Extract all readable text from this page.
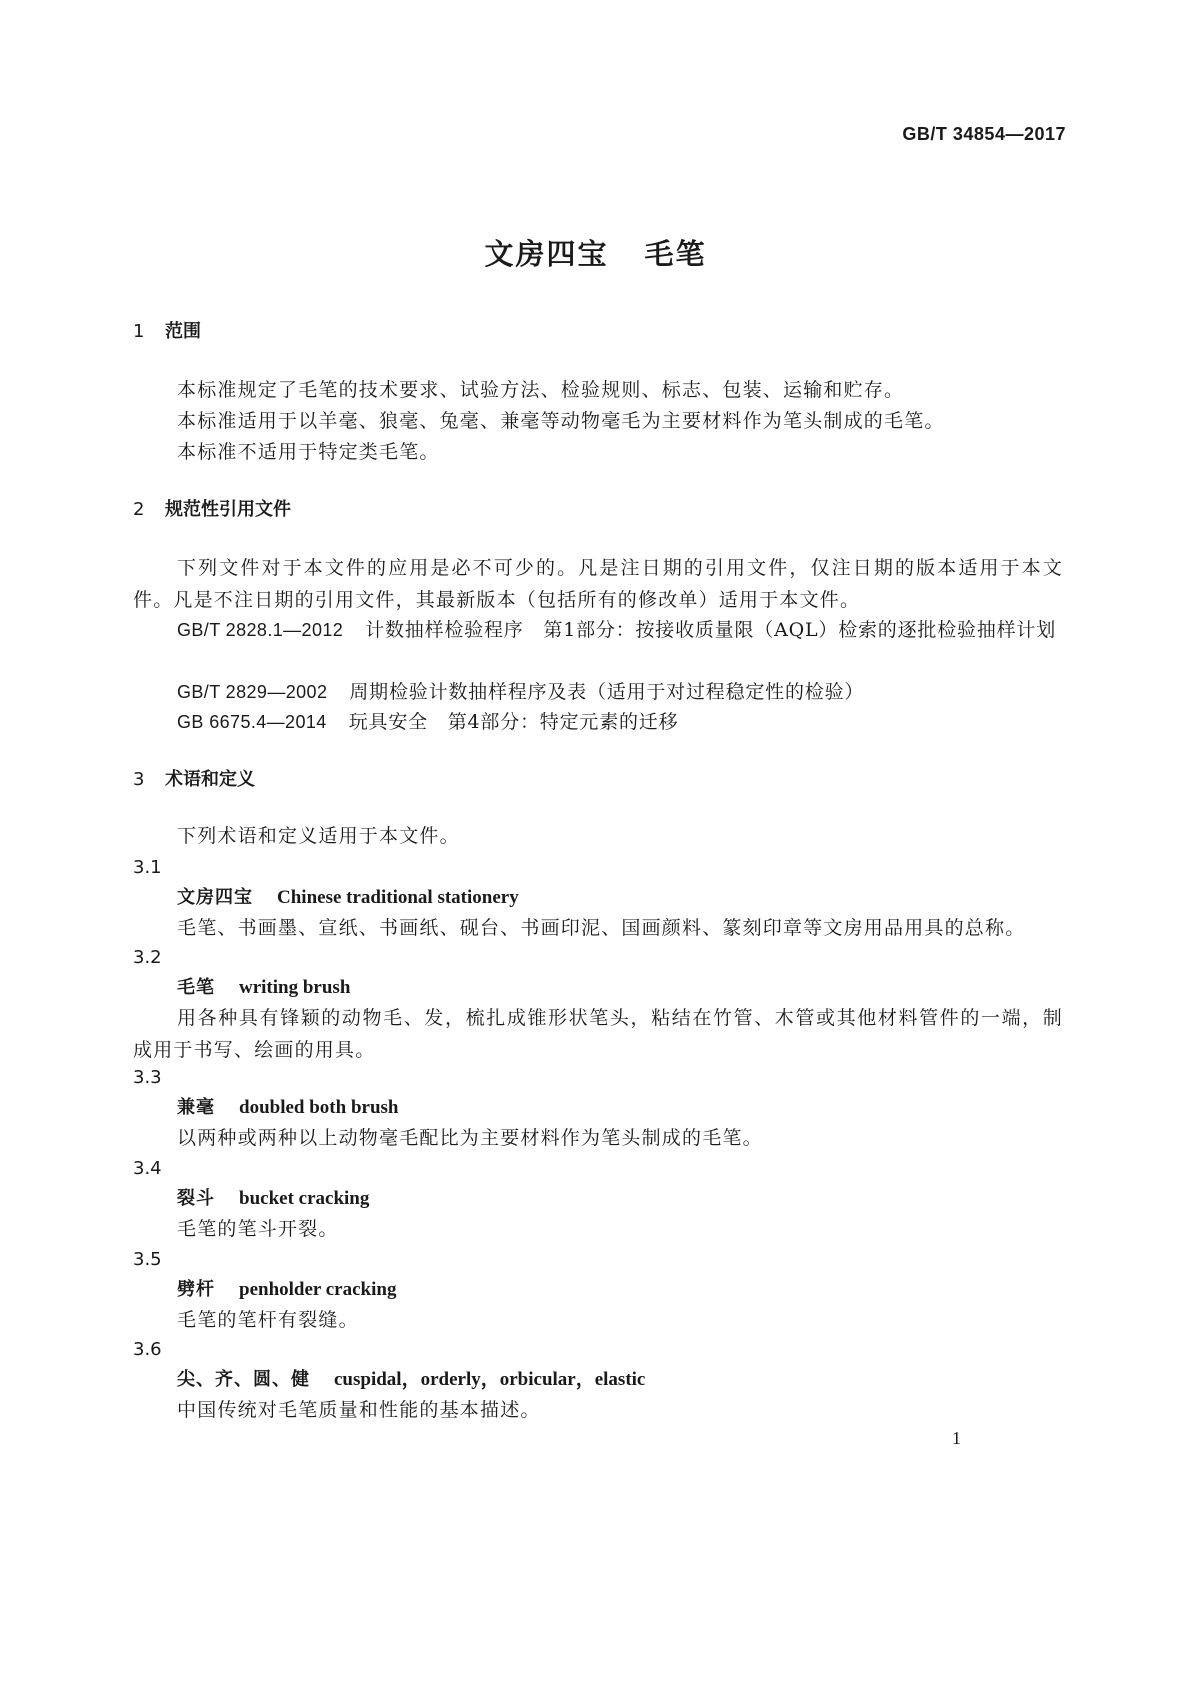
GB/T 34854—2017
文房四宝 毛笔
1 范围
本标准规定了毛笔的技术要求、试验方法、检验规则、标志、包装、运输和贮存。
本标准适用于以羊毫、狼毫、兔毫、兼毫等动物毫毛为主要材料作为笔头制成的毛笔。
本标准不适用于特定类毛笔。
2 规范性引用文件
下列文件对于本文件的应用是必不可少的。凡是注日期的引用文件，仅注日期的版本适用于本文件。凡是不注日期的引用文件，其最新版本（包括所有的修改单）适用于本文件。
GB/T 2828.1—2012 计数抽样检验程序　第1部分：按接收质量限（AQL）检索的逐批检验抽样计划
GB/T 2829—2002 周期检验计数抽样程序及表（适用于对过程稳定性的检验）
GB 6675.4—2014 玩具安全　第4部分：特定元素的迁移
3 术语和定义
下列术语和定义适用于本文件。
3.1
文房四宝 Chinese traditional stationery
毛笔、书画墨、宣纸、书画纸、砚台、书画印泥、国画颜料、篆刻印章等文房用品用具的总称。
3.2
毛笔 writing brush
用各种具有锋颖的动物毛、发，梳扎成锥形状笔头，粘结在竹管、木管或其他材料管件的一端，制成用于书写、绘画的用具。
3.3
兼毫 doubled both brush
以两种或两种以上动物毫毛配比为主要材料作为笔头制成的毛笔。
3.4
裂斗 bucket cracking
毛笔的笔斗开裂。
3.5
劈杆 penholder cracking
毛笔的笔杆有裂缝。
3.6
尖、齐、圆、健 cuspidal，orderly，orbicular，elastic
中国传统对毛笔质量和性能的基本描述。
1
